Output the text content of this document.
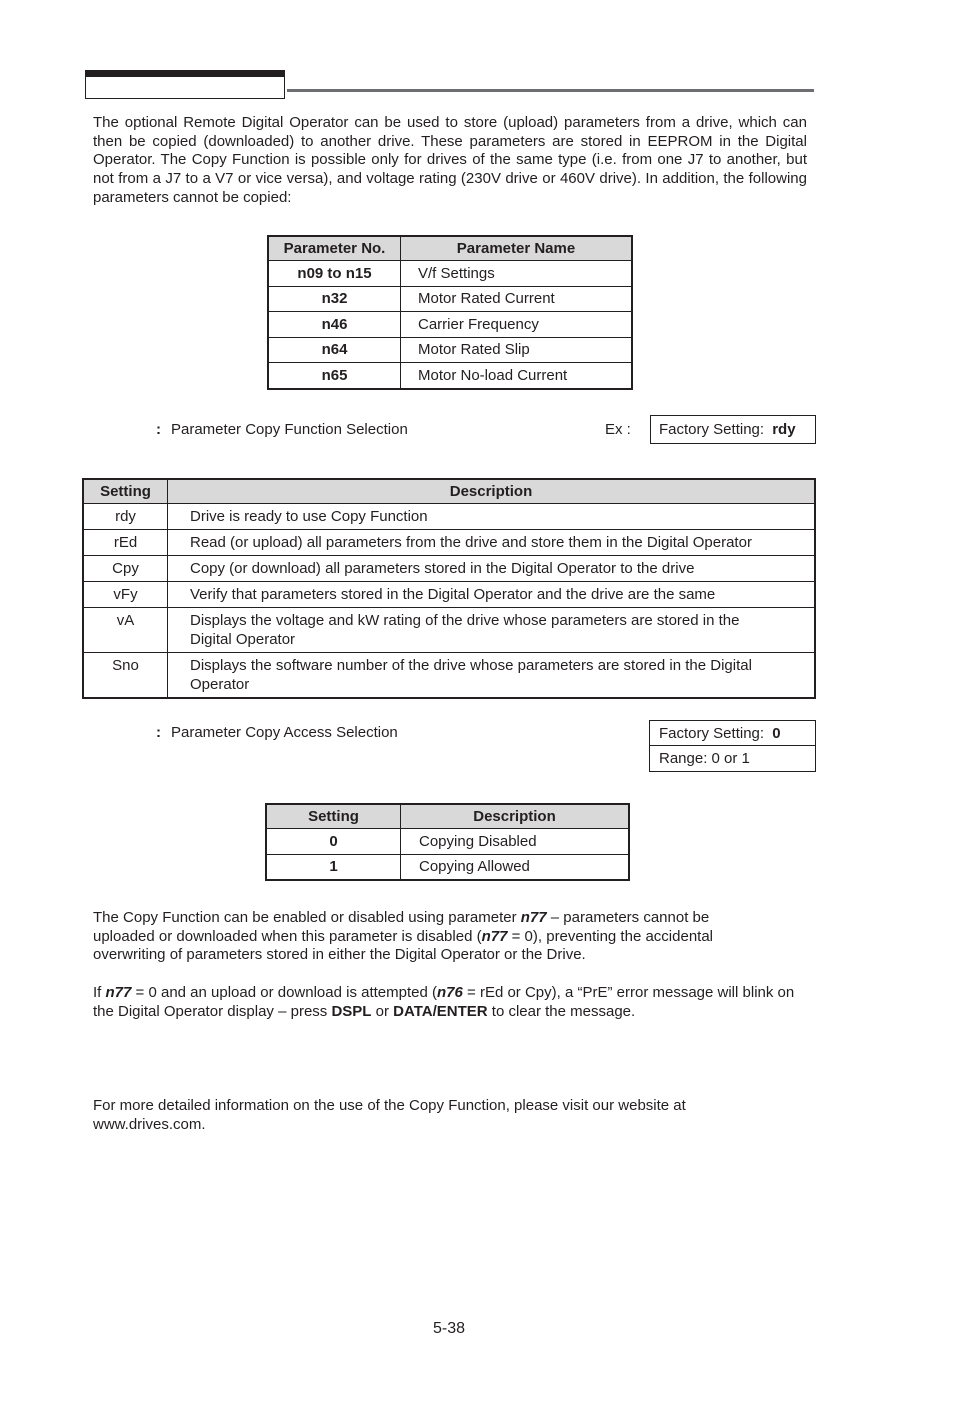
The optional Remote Digital Operator can be used to store (upload) parameters from a drive, which can then be copied (downloaded) to another drive. These parameters are stored in EEPROM in the Digital Operator. The Copy Function is possible only for drives of the same type (i.e. from one J7 to another, but not from a J7 to a V7 or vice versa), and voltage rating (230V drive or 460V drive). In addition, the following parameters cannot be copied:
Parameter No.	Parameter Name
n09 to n15	V/f Settings
n32	Motor Rated Current
n46	Carrier Frequency
n64	Motor Rated Slip
n65	Motor No-load Current
: Parameter Copy Function Selection	Ex :	Factory Setting: rdy
Setting	Description
rdy	Drive is ready to use Copy Function
rEd	Read (or upload) all parameters from the drive and store them in the Digital Operator
Cpy	Copy (or download) all parameters stored in the Digital Operator to the drive
vFy	Verify that parameters stored in the Digital Operator and the drive are the same
vA	Displays the voltage and kW rating of the drive whose parameters are stored in the Digital Operator
Sno	Displays the software number of the drive whose parameters are stored in the Digital Operator
: Parameter Copy Access Selection	Factory Setting: 0
Range: 0 or 1
Setting	Description
0	Copying Disabled
1	Copying Allowed
The Copy Function can be enabled or disabled using parameter n77 – parameters cannot be uploaded or downloaded when this parameter is disabled (n77 = 0), preventing the accidental overwriting of parameters stored in either the Digital Operator or the Drive.
If n77 = 0 and an upload or download is attempted (n76 = rEd or Cpy), a “PrE” error message will blink on the Digital Operator display – press DSPL or DATA/ENTER to clear the message.
For more detailed information on the use of the Copy Function, please visit our website at www.drives.com.
5-38
